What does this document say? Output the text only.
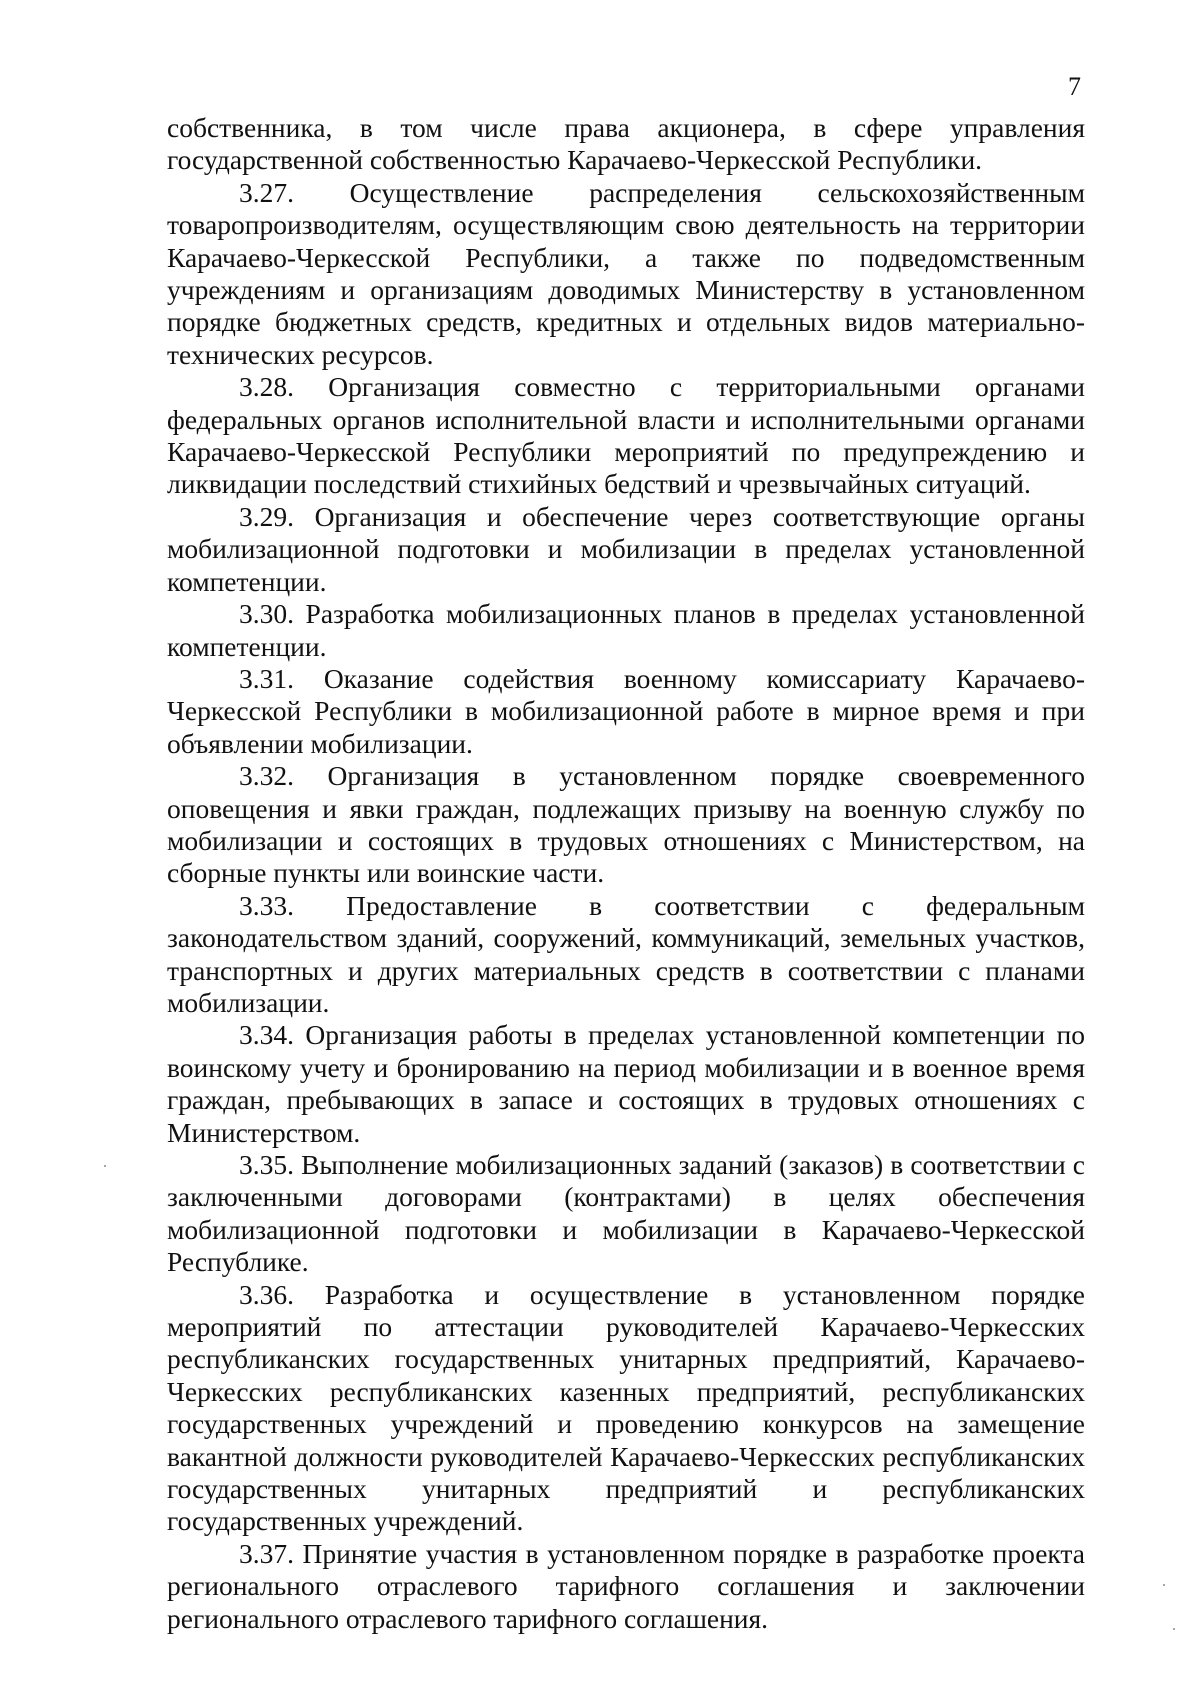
7

собственника, в том числе права акционера, в сфере управления государственной собственностью Карачаево-Черкесской Республики.

3.27. Осуществление распределения сельскохозяйственным товаропроизводителям, осуществляющим свою деятельность на территории Карачаево-Черкесской Республики, а также по подведомственным учреждениям и организациям доводимых Министерству в установленном порядке бюджетных средств, кредитных и отдельных видов материально-технических ресурсов.

3.28. Организация совместно с территориальными органами федеральных органов исполнительной власти и исполнительными органами Карачаево-Черкесской Республики мероприятий по предупреждению и ликвидации последствий стихийных бедствий и чрезвычайных ситуаций.

3.29. Организация и обеспечение через соответствующие органы мобилизационной подготовки и мобилизации в пределах установленной компетенции.

3.30. Разработка мобилизационных планов в пределах установленной компетенции.

3.31. Оказание содействия военному комиссариату Карачаево-Черкесской Республики в мобилизационной работе в мирное время и при объявлении мобилизации.

3.32. Организация в установленном порядке своевременного оповещения и явки граждан, подлежащих призыву на военную службу по мобилизации и состоящих в трудовых отношениях с Министерством, на сборные пункты или воинские части.

3.33. Предоставление в соответствии с федеральным законодательством зданий, сооружений, коммуникаций, земельных участков, транспортных и других материальных средств в соответствии с планами мобилизации.

3.34. Организация работы в пределах установленной компетенции по воинскому учету и бронированию на период мобилизации и в военное время граждан, пребывающих в запасе и состоящих в трудовых отношениях с Министерством.

3.35. Выполнение мобилизационных заданий (заказов) в соответствии с заключенными договорами (контрактами) в целях обеспечения мобилизационной подготовки и мобилизации в Карачаево-Черкесской Республике.

3.36. Разработка и осуществление в установленном порядке мероприятий по аттестации руководителей Карачаево-Черкесских республиканских государственных унитарных предприятий, Карачаево-Черкесских республиканских казенных предприятий, республиканских государственных учреждений и проведению конкурсов на замещение вакантной должности руководителей Карачаево-Черкесских республиканских государственных унитарных предприятий и республиканских государственных учреждений.

3.37. Принятие участия в установленном порядке в разработке проекта регионального отраслевого тарифного соглашения и заключении регионального отраслевого тарифного соглашения.
